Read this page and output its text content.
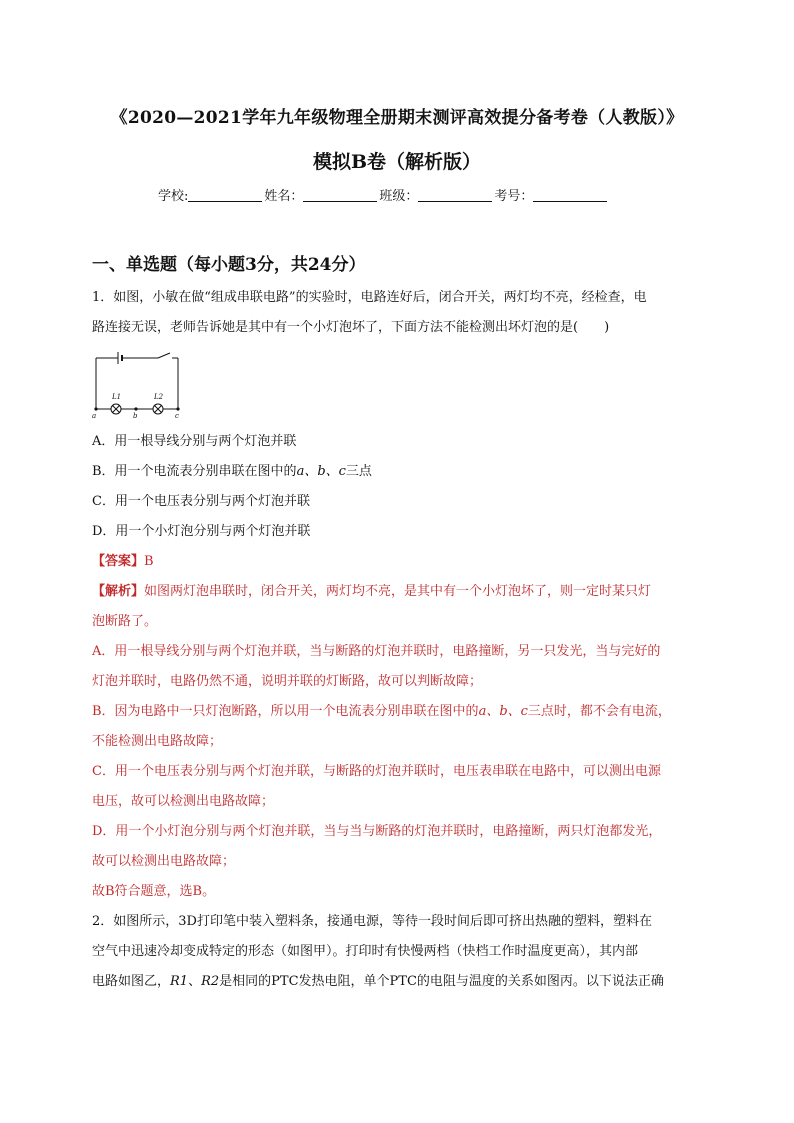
《2020—2021学年九年级物理全册期末测评高效提分备考卷（人教版）》
模拟B卷（解析版）
学校:	姓名：	班级：	考号：
一、单选题（每小题3分，共24分）
1．如图，小敏在做“组成串联电路”的实验时，电路连好后，闭合开关，两灯均不亮，经检查，电
路连接无误，老师告诉她是其中有一个小灯泡坏了，下面方法不能检测出坏灯泡的是(　　)
L1	L2
a	b	c
A．用一根导线分别与两个灯泡并联
B．用一个电流表分别串联在图中的a、b、c三点
C．用一个电压表分别与两个灯泡并联
D．用一个小灯泡分别与两个灯泡并联
【答案】B
【解析】如图两灯泡串联时，闭合开关，两灯均不亮，是其中有一个小灯泡坏了，则一定时某只灯
泡断路了。
A．用一根导线分别与两个灯泡并联，当与断路的灯泡并联时，电路撞断，另一只发光，当与完好的
灯泡并联时，电路仍然不通，说明并联的灯断路，故可以判断故障；
B．因为电路中一只灯泡断路，所以用一个电流表分别串联在图中的a、b、c三点时，都不会有电流，
不能检测出电路故障；
C．用一个电压表分别与两个灯泡并联，与断路的灯泡并联时，电压表串联在电路中，可以测出电源
电压，故可以检测出电路故障；
D．用一个小灯泡分别与两个灯泡并联，当与当与断路的灯泡并联时，电路撞断，两只灯泡都发光，
故可以检测出电路故障；
故B符合题意，选B。
2．如图所示，3D打印笔中装入塑料条，接通电源，等待一段时间后即可挤出热融的塑料，塑料在
空气中迅速冷却变成特定的形态（如图甲）。打印时有快慢两档（快档工作时温度更高），其内部
电路如图乙，R1、R2是相同的PTC发热电阻，单个PTC的电阻与温度的关系如图丙。以下说法正确
